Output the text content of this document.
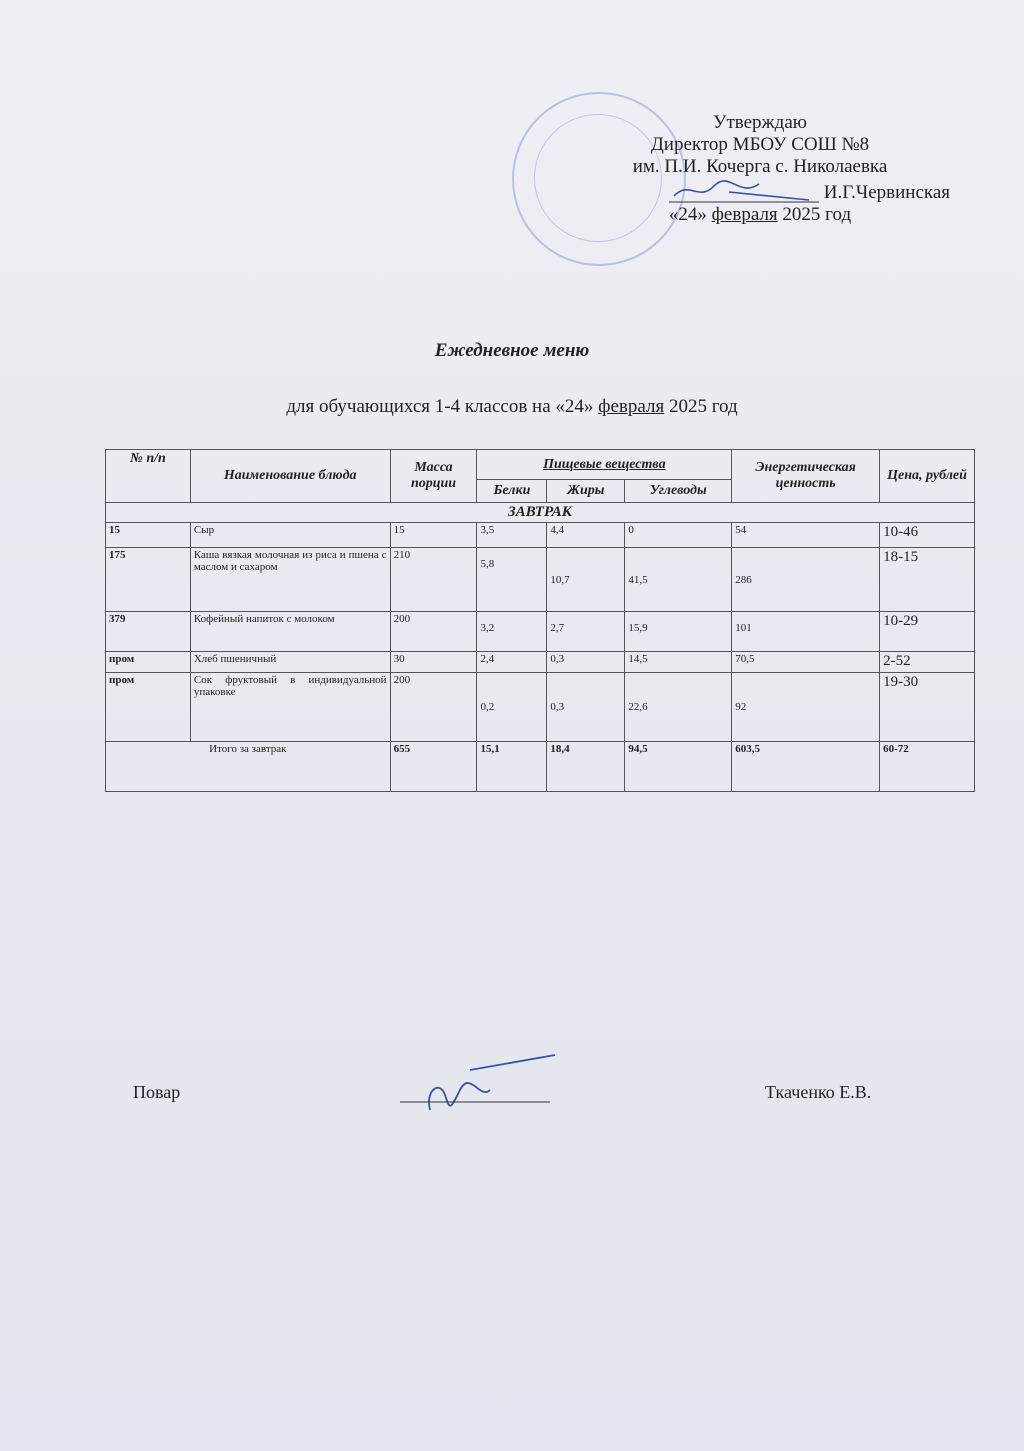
Утверждаю
Директор МБОУ СОШ №8
им. П.И. Кочерга с. Николаевка
И.Г.Червинская
«24» февраля 2025 год
Ежедневное меню
для обучающихся 1-4 классов на «24» февраля 2025 год
№ п/п	Наименование блюда	Масса порции	Пищевые вещества			Энергетическая ценность	Цена, рублей
			Белки	Жиры	Углеводы		
ЗАВТРАК							
15	Сыр	15	3,5	4,4	0	54	10-46
175	Каша вязкая молочная из риса и пшена с маслом и сахаром	210	5,8	10,7	41,5	286	18-15
379	Кофейный напиток с молоком	200	3,2	2,7	15,9	101	10-29
пром	Хлеб пшеничный	30	2,4	0,3	14,5	70,5	2-52
пром	Сок фруктовый в индивидуальной упаковке	200	0,2	0,3	22,6	92	19-30
Итого за завтрак		655	15,1	18,4	94,5	603,5	60-72
Повар	Ткаченко Е.В.
